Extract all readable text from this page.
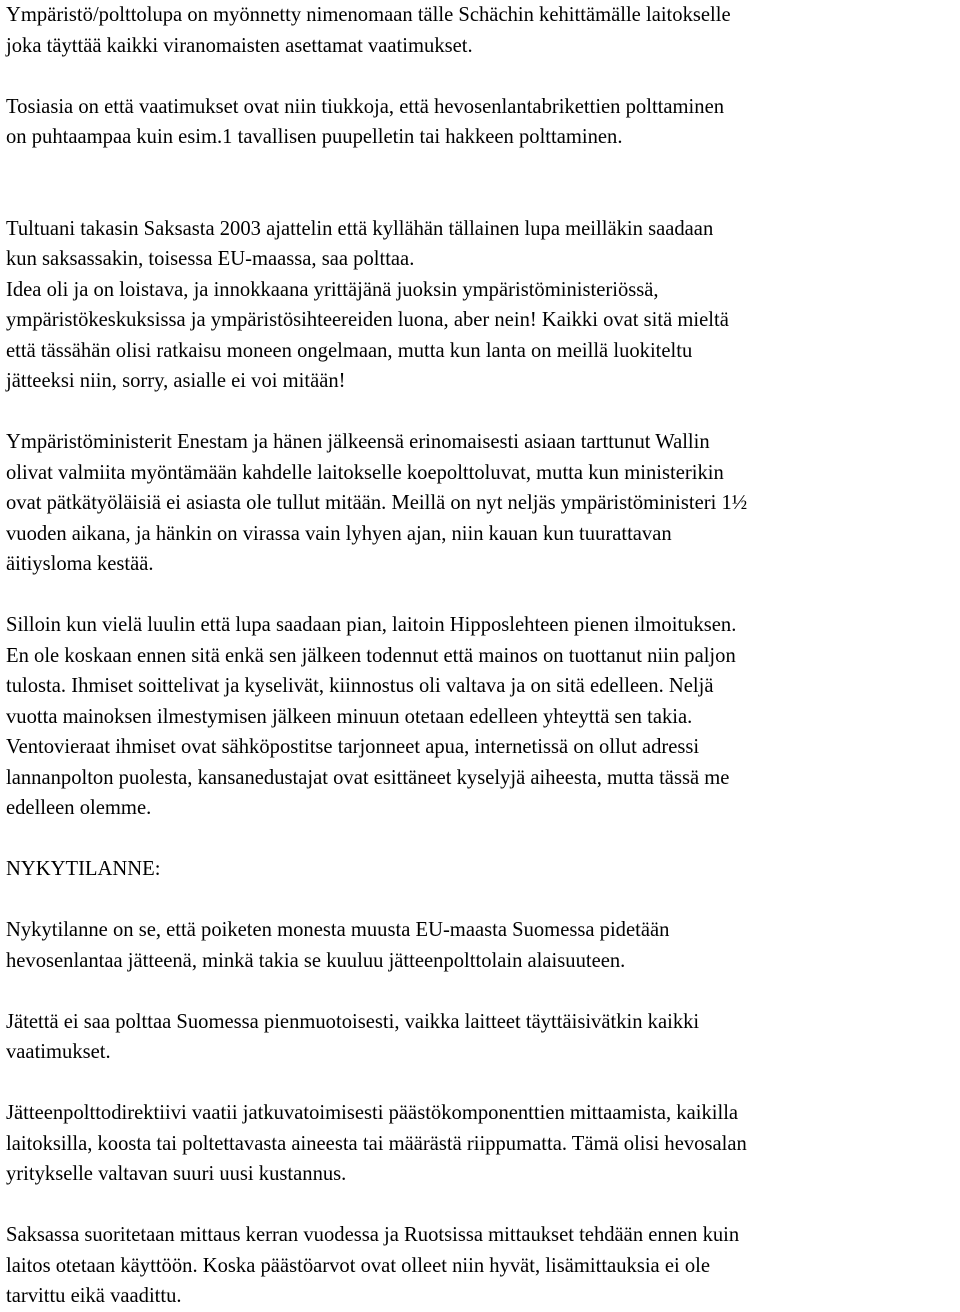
Ympäristö/polttolupa on myönnetty nimenomaan tälle Schächin kehittämälle laitokselle
joka täyttää kaikki viranomaisten asettamat vaatimukset.

Tosiasia on että vaatimukset ovat niin tiukkoja, että hevosenlantabrikettien polttaminen
on puhtaampaa kuin esim.1 tavallisen puupelletin tai hakkeen polttaminen.

Tultuani takasin Saksasta 2003 ajattelin että kyllähän tällainen lupa meilläkin saadaan
kun saksassakin, toisessa EU-maassa, saa polttaa.

Idea oli ja on loistava, ja innokkaana yrittäjänä juoksin ympäristöministeriössä,
ympäristökeskuksissa ja ympäristösihteereiden luona, aber nein! Kaikki ovat sitä mieltä
että tässähän olisi ratkaisu moneen ongelmaan, mutta kun lanta on meillä luokiteltu
jätteeksi niin, sorry, asialle ei voi mitään!

Ympäristöministerit Enestam ja hänen jälkeensä erinomaisesti asiaan tarttunut Wallin
olivat valmiita myöntämään kahdelle laitokselle koepolttoluvat, mutta kun ministerikin
ovat pätkätyöläisiä ei asiasta ole tullut mitään. Meillä on nyt neljäs ympäristöministeri 1½
vuoden aikana, ja hänkin on virassa vain lyhyen ajan, niin kauan kun tuurattavan
äitiysloma kestää.

Silloin kun vielä luulin että lupa saadaan pian, laitoin Hipposlehteen pienen ilmoituksen.
En ole koskaan ennen sitä enkä sen jälkeen todennut että mainos on tuottanut niin paljon
tulosta. Ihmiset soittelivat ja kyselivät, kiinnostus oli valtava ja on sitä edelleen. Neljä
vuotta mainoksen ilmestymisen jälkeen minuun otetaan edelleen yhteyttä sen takia.
Ventovieraat ihmiset ovat sähköpostitse tarjonneet apua, internetissä on ollut adressi
lannanpolton puolesta, kansanedustajat ovat esittäneet kyselyjä aiheesta, mutta tässä me
edelleen olemme.

NYKYTILANNE:

Nykytilanne on se, että poiketen monesta muusta EU-maasta Suomessa pidetään
hevosenlantaa jätteenä, minkä takia se kuuluu jätteenpolttolain alaisuuteen.

Jätettä ei saa polttaa Suomessa pienmuotoisesti, vaikka laitteet täyttäisivätkin kaikki
vaatimukset.

Jätteenpolttodirektiivi vaatii jatkuvatoimisesti päästökomponenttien mittaamista, kaikilla
laitoksilla, koosta tai poltettavasta aineesta tai määrästä riippumatta. Tämä olisi hevosalan
yritykselle valtavan suuri uusi kustannus.

Saksassa suoritetaan mittaus kerran vuodessa ja Ruotsissa mittaukset tehdään ennen kuin
laitos otetaan käyttöön. Koska päästöarvot ovat olleet niin hyvät, lisämittauksia ei ole
tarvittu eikä vaadittu.
